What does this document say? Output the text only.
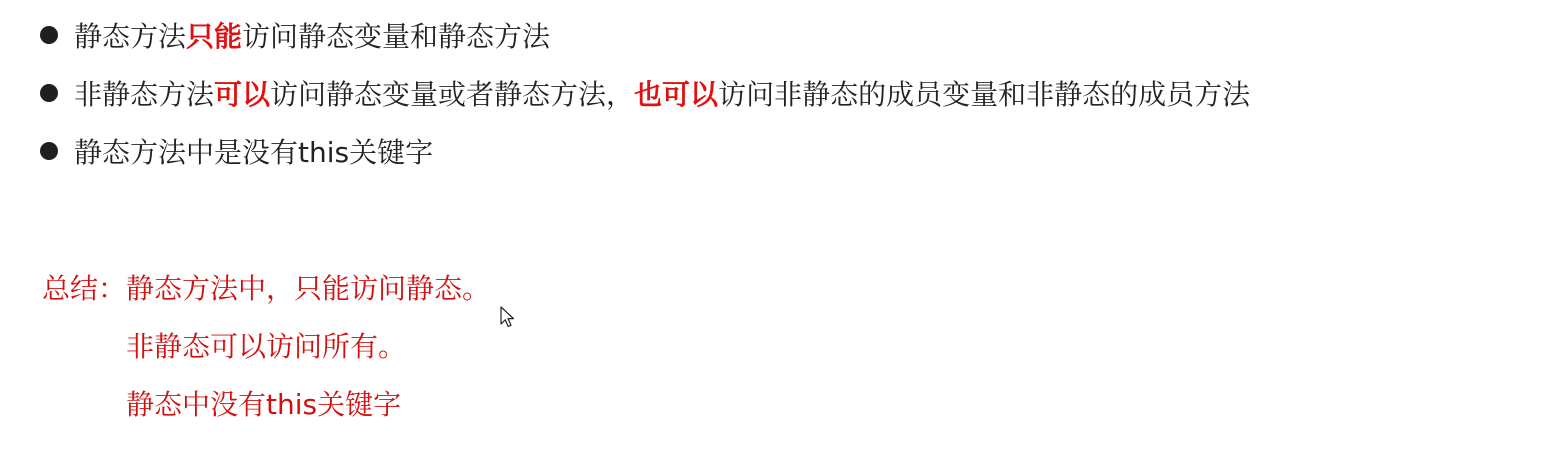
静态方法只能访问静态变量和静态方法
非静态方法可以访问静态变量或者静态方法，也可以访问非静态的成员变量和非静态的成员方法
静态方法中是没有this关键字
总结：静态方法中，只能访问静态。
非静态可以访问所有。
静态中没有this关键字
